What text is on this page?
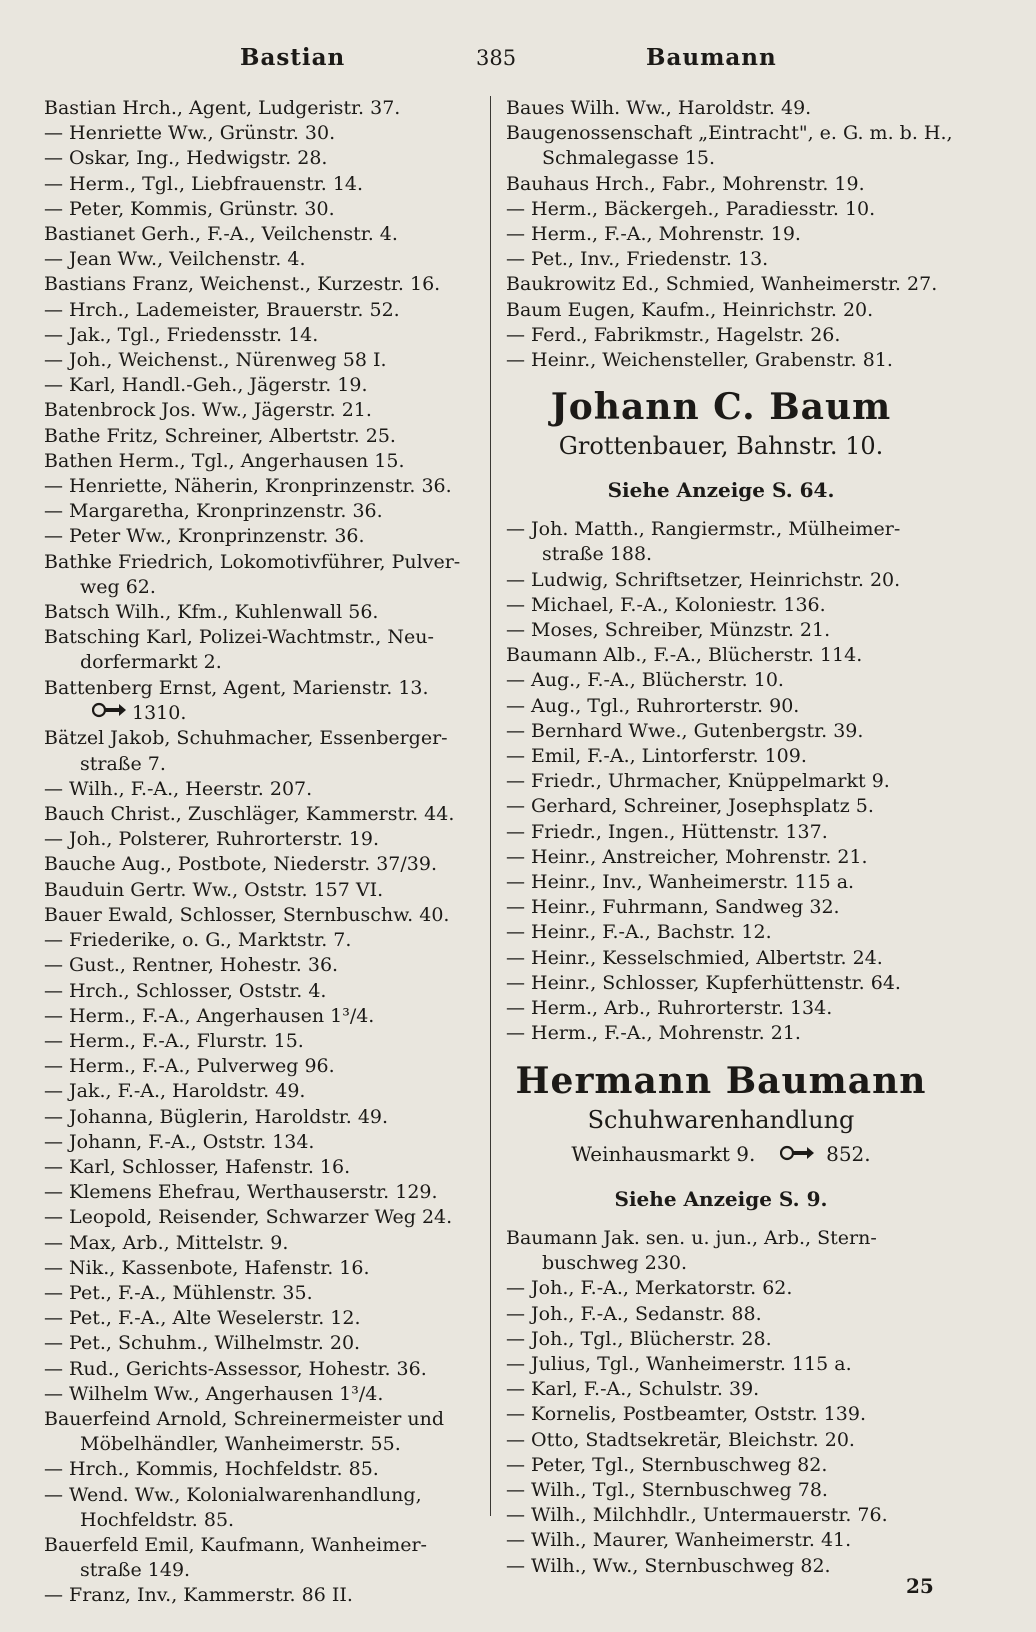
Bastian	385	Baumann

Bastian Hrch., Agent, Ludgeristr. 37.

— Henriette Ww., Grünstr. 30.

— Oskar, Ing., Hedwigstr. 28.

— Herm., Tgl., Liebfrauenstr. 14.

— Peter, Kommis, Grünstr. 30.

Bastianet Gerh., F.-A., Veilchenstr. 4.

— Jean Ww., Veilchenstr. 4.

Bastians Franz, Weichenst., Kurzestr. 16.

— Hrch., Lademeister, Brauerstr. 52.

— Jak., Tgl., Friedensstr. 14.

— Joh., Weichenst., Nürenweg 58 I.

— Karl, Handl.-Geh., Jägerstr. 19.

Batenbrock Jos. Ww., Jägerstr. 21.

Bathe Fritz, Schreiner, Albertstr. 25.

Bathen Herm., Tgl., Angerhausen 15.

— Henriette, Näherin, Kronprinzenstr. 36.

— Margaretha, Kronprinzenstr. 36.

— Peter Ww., Kronprinzenstr. 36.

Bathke Friedrich, Lokomotivführer, Pulver-
weg 62.

Batsch Wilh., Kfm., Kuhlenwall 56.

Batsching Karl, Polizei-Wachtmstr., Neu-
dorfermarkt 2.

Battenberg Ernst, Agent, Marienstr. 13.
1310.

Bätzel Jakob, Schuhmacher, Essenberger-
straße 7.

— Wilh., F.-A., Heerstr. 207.

Bauch Christ., Zuschläger, Kammerstr. 44.

— Joh., Polsterer, Ruhrorterstr. 19.

Bauche Aug., Postbote, Niederstr. 37/39.

Bauduin Gertr. Ww., Oststr. 157 VI.

Bauer Ewald, Schlosser, Sternbuschw. 40.

— Friederike, o. G., Marktstr. 7.

— Gust., Rentner, Hohestr. 36.

— Hrch., Schlosser, Oststr. 4.

— Herm., F.-A., Angerhausen 1³/4.

— Herm., F.-A., Flurstr. 15.

— Herm., F.-A., Pulverweg 96.

— Jak., F.-A., Haroldstr. 49.

— Johanna, Büglerin, Haroldstr. 49.

— Johann, F.-A., Oststr. 134.

— Karl, Schlosser, Hafenstr. 16.

— Klemens Ehefrau, Werthauserstr. 129.

— Leopold, Reisender, Schwarzer Weg 24.

— Max, Arb., Mittelstr. 9.

— Nik., Kassenbote, Hafenstr. 16.

— Pet., F.-A., Mühlenstr. 35.

— Pet., F.-A., Alte Weselerstr. 12.

— Pet., Schuhm., Wilhelmstr. 20.

— Rud., Gerichts-Assessor, Hohestr. 36.

— Wilhelm Ww., Angerhausen 1³/4.

Bauerfeind Arnold, Schreinermeister und
Möbelhändler, Wanheimerstr. 55.

— Hrch., Kommis, Hochfeldstr. 85.

— Wend. Ww., Kolonialwarenhandlung,
Hochfeldstr. 85.

Bauerfeld Emil, Kaufmann, Wanheimer-
straße 149.

— Franz, Inv., Kammerstr. 86 II.

Baues Wilh. Ww., Haroldstr. 49.

Baugenossenschaft „Eintracht", e. G. m. b. H.,
Schmalegasse 15.

Bauhaus Hrch., Fabr., Mohrenstr. 19.

— Herm., Bäckergeh., Paradiesstr. 10.

— Herm., F.-A., Mohrenstr. 19.

— Pet., Inv., Friedenstr. 13.

Baukrowitz Ed., Schmied, Wanheimerstr. 27.

Baum Eugen, Kaufm., Heinrichstr. 20.

— Ferd., Fabrikmstr., Hagelstr. 26.

— Heinr., Weichensteller, Grabenstr. 81.

Johann C. Baum
Grottenbauer, Bahnstr. 10.
Siehe Anzeige S. 64.

— Joh. Matth., Rangiermstr., Mülheimer-
straße 188.

— Ludwig, Schriftsetzer, Heinrichstr. 20.

— Michael, F.-A., Koloniestr. 136.

— Moses, Schreiber, Münzstr. 21.

Baumann Alb., F.-A., Blücherstr. 114.

— Aug., F.-A., Blücherstr. 10.

— Aug., Tgl., Ruhrorterstr. 90.

— Bernhard Wwe., Gutenbergstr. 39.

— Emil, F.-A., Lintorferstr. 109.

— Friedr., Uhrmacher, Knüppelmarkt 9.

— Gerhard, Schreiner, Josephsplatz 5.

— Friedr., Ingen., Hüttenstr. 137.

— Heinr., Anstreicher, Mohrenstr. 21.

— Heinr., Inv., Wanheimerstr. 115 a.

— Heinr., Fuhrmann, Sandweg 32.

— Heinr., F.-A., Bachstr. 12.

— Heinr., Kesselschmied, Albertstr. 24.

— Heinr., Schlosser, Kupferhüttenstr. 64.

— Herm., Arb., Ruhrorterstr. 134.

— Herm., F.-A., Mohrenstr. 21.

Hermann Baumann
Schuhwarenhandlung
Weinhausmarkt 9.	852.
Siehe Anzeige S. 9.

Baumann Jak. sen. u. jun., Arb., Stern-
buschweg 230.

— Joh., F.-A., Merkatorstr. 62.

— Joh., F.-A., Sedanstr. 88.

— Joh., Tgl., Blücherstr. 28.

— Julius, Tgl., Wanheimerstr. 115 a.

— Karl, F.-A., Schulstr. 39.

— Kornelis, Postbeamter, Oststr. 139.

— Otto, Stadtsekretär, Bleichstr. 20.

— Peter, Tgl., Sternbuschweg 82.

— Wilh., Tgl., Sternbuschweg 78.

— Wilh., Milchhdlr., Untermauerstr. 76.

— Wilh., Maurer, Wanheimerstr. 41.

— Wilh., Ww., Sternbuschweg 82.

25
